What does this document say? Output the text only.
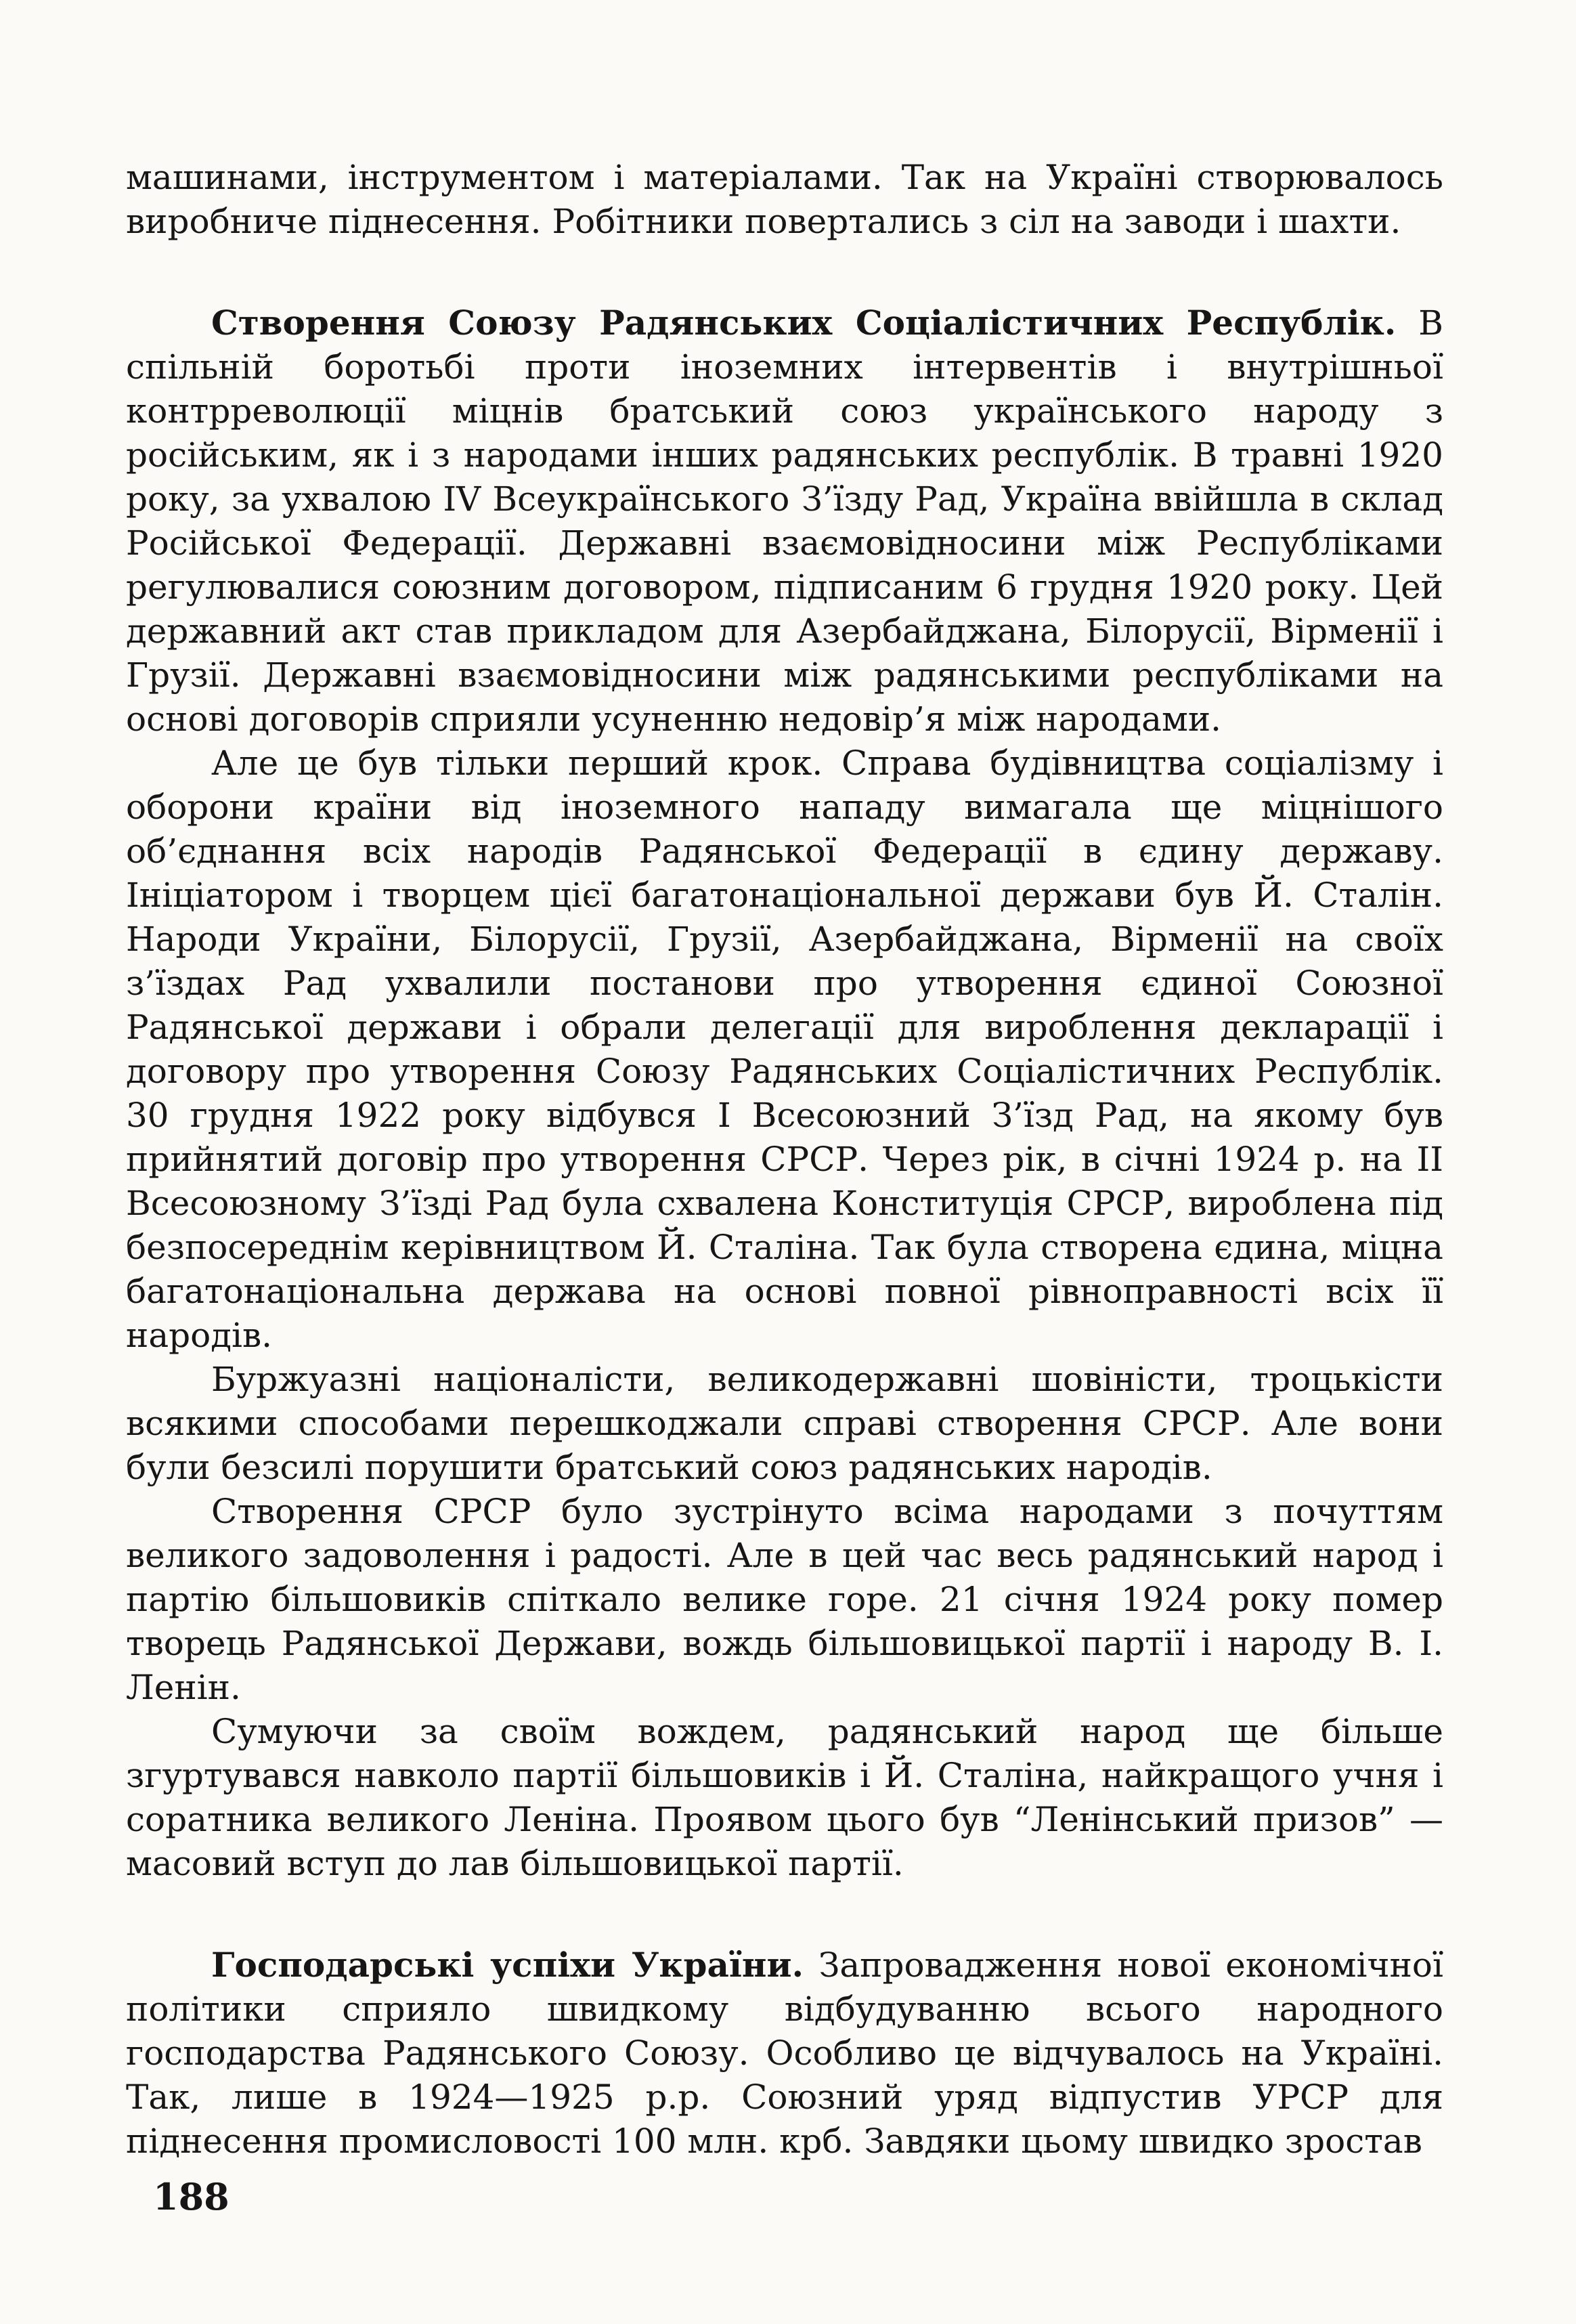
машинами, інструментом і матеріалами. Так на Україні створювалось виробниче піднесення. Робітники повертались з сіл на заводи і шахти.

Створення Союзу Радянських Соціалістичних Республік. В спільній боротьбі проти іноземних інтервентів і внутрішньої контрреволюції міцнів братський союз українського народу з російським, як і з народами інших радянських республік. В травні 1920 року, за ухвалою IV Всеукраїнського З’їзду Рад, Україна ввійшла в склад Російської Федерації. Державні взаємовідносини між Республіками регулювалися союзним договором, підписаним 6 грудня 1920 року. Цей державний акт став прикладом для Азербайджана, Білорусії, Вірменії і Грузії. Державні взаємовідносини між радянськими республіками на основі договорів сприяли усуненню недовір’я між народами.

Але це був тільки перший крок. Справа будівництва соціалізму і оборони країни від іноземного нападу вимагала ще міцнішого об’єднання всіх народів Радянської Федерації в єдину державу. Ініціатором і творцем цієї багатонаціональної держави був Й. Сталін. Народи України, Білорусії, Грузії, Азербайджана, Вірменії на своїх з’їздах Рад ухвалили постанови про утворення єдиної Союзної Радянської держави і обрали делегації для вироблення декларації і договору про утворення Союзу Радянських Соціалістичних Республік. 30 грудня 1922 року відбувся І Всесоюзний З’їзд Рад, на якому був прийнятий договір про утворення СРСР. Через рік, в січні 1924 р. на II Всесоюзному З’їзді Рад була схвалена Конституція СРСР, вироблена під безпосереднім керівництвом Й. Сталіна. Так була створена єдина, міцна багатонаціональна держава на основі повної рівноправності всіх її народів.

Буржуазні націоналісти, великодержавні шовіністи, троцькісти всякими способами перешкоджали справі створення СРСР. Але вони були безсилі порушити братський союз радянських народів.

Створення СРСР було зустрінуто всіма народами з почуттям великого задоволення і радості. Але в цей час весь радянський народ і партію більшовиків спіткало велике горе. 21 січня 1924 року помер творець Радянської Держави, вождь більшовицької партії і народу В. І. Ленін.

Сумуючи за своїм вождем, радянський народ ще більше згуртувався навколо партії більшовиків і Й. Сталіна, найкращого учня і соратника великого Леніна. Проявом цього був “Ленінський призов” — масовий вступ до лав більшовицької партії.

Господарські успіхи України. Запровадження нової економічної політики сприяло швидкому відбудуванню всього народного господарства Радянського Союзу. Особливо це відчувалось на Україні. Так, лише в 1924—1925 р.р. Союзний уряд відпустив УРСР для піднесення промисловості 100 млн. крб. Завдяки цьому швидко зростав

188
